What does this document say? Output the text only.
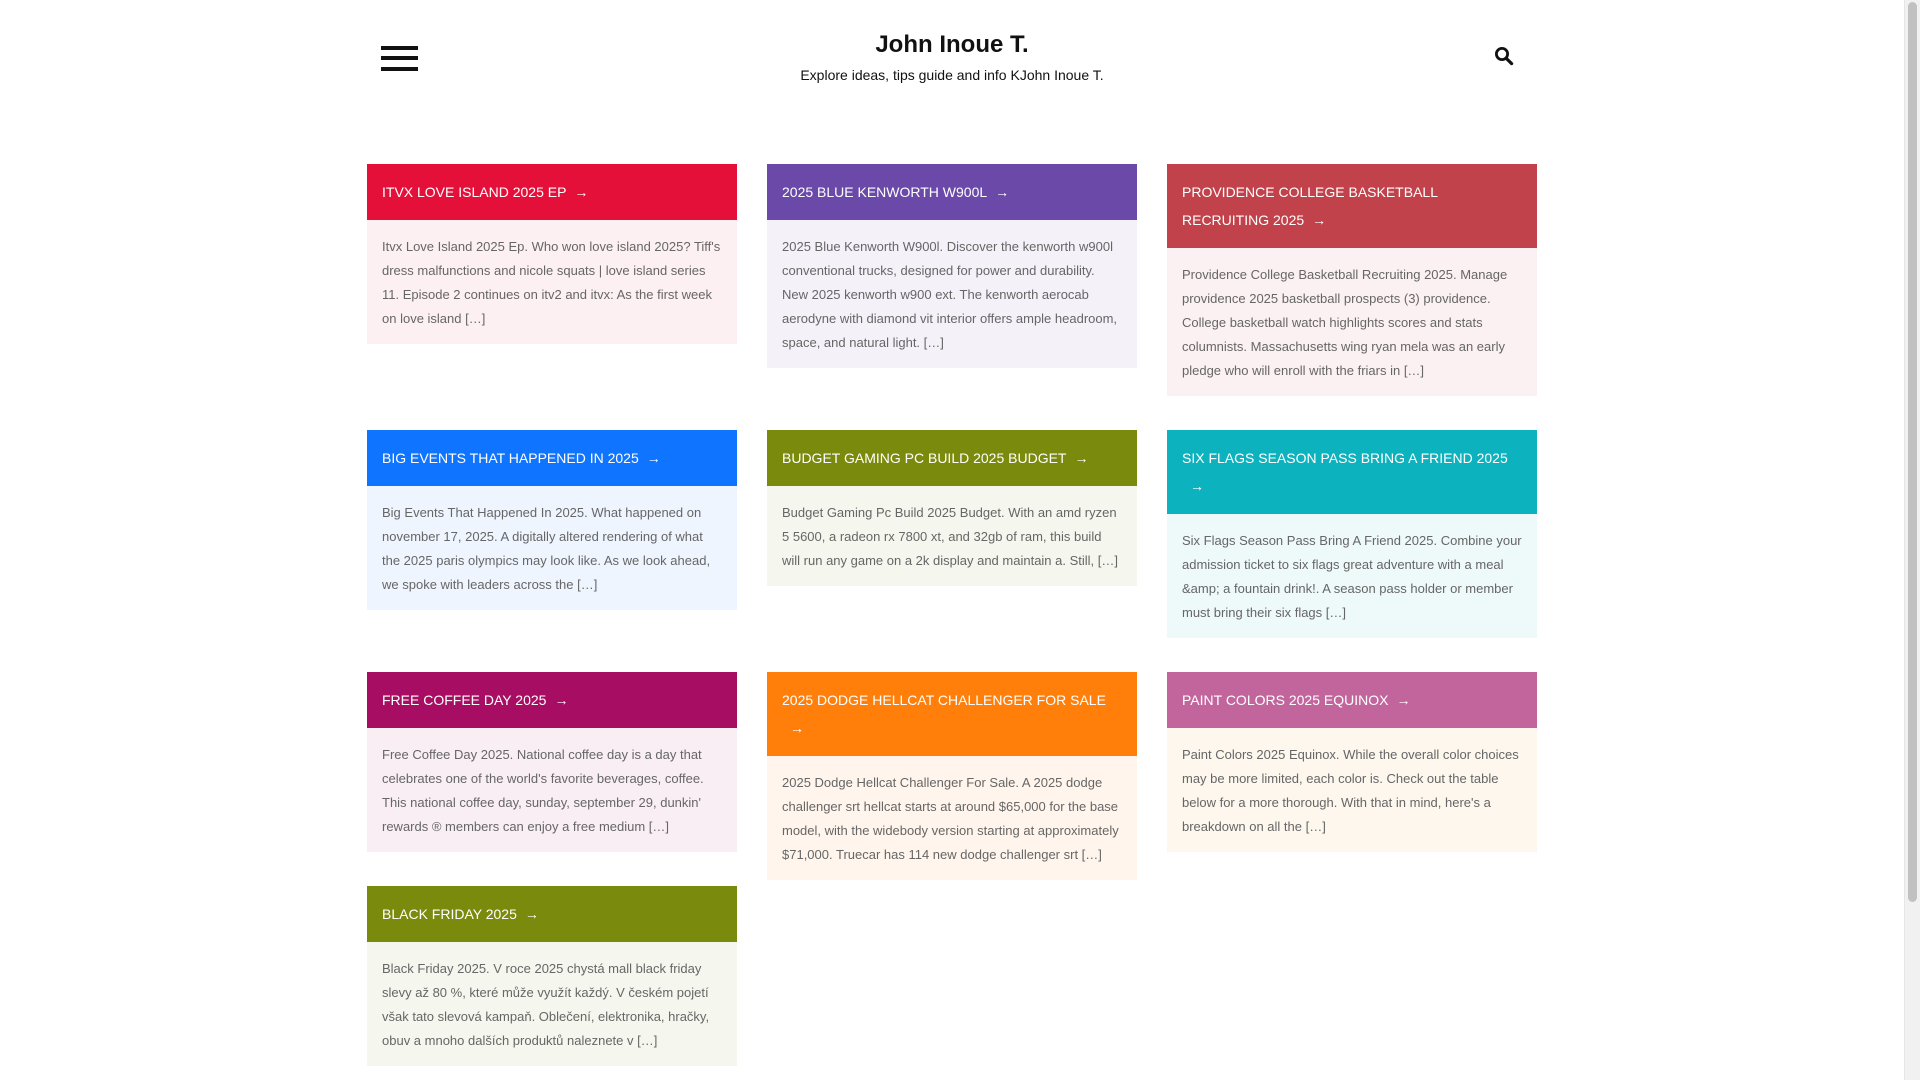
John Inoue T.

Explore ideas, tips guide and info KJohn Inoue T.

ITVX LOVE ISLAND 2025 EP →
Itvx Love Island 2025 Ep. Who won love island 2025? Tiff's dress malfunctions and nicole squats | love island series 11. Episode 2 continues on itv2 and itvx: As the first week on love island […]
BIG EVENTS THAT HAPPENED IN 2025 →
Big Events That Happened In 2025. What happened on november 17, 2025. A digitally altered rendering of what the 2025 paris olympics may look like. As we look ahead, we spoke with leaders across the […]
FREE COFFEE DAY 2025 →
Free Coffee Day 2025. National coffee day is a day that celebrates one of the world's favorite beverages, coffee. This national coffee day, sunday, september 29, dunkin' rewards ® members can enjoy a free medium […]
BLACK FRIDAY 2025 →
Black Friday 2025. V roce 2025 chystá mall black friday slevy až 80 %, které může využít každý. V českém pojetí však tato slevová kampaň. Oblečení, elektronika, hračky, obuv a mnoho dalších produktů naleznete v […]
2025 BLUE KENWORTH W900L →
2025 Blue Kenworth W900l. Discover the kenworth w900l conventional trucks, designed for power and durability. New 2025 kenworth w900 ext. The kenworth aerocab aerodyne with diamond vit interior offers ample headroom, space, and natural light. […]
BUDGET GAMING PC BUILD 2025 BUDGET →
Budget Gaming Pc Build 2025 Budget. With an amd ryzen 5 5600, a radeon rx 7800 xt, and 32gb of ram, this build will run any game on a 2k display and maintain a. Still, […]
2025 DODGE HELLCAT CHALLENGER FOR SALE→
2025 Dodge Hellcat Challenger For Sale. A 2025 dodge challenger srt hellcat starts at around $65,000 for the base model, with the widebody version starting at approximately $71,000. Truecar has 114 new dodge challenger srt […]
PROVIDENCE COLLEGE BASKETBALL RECRUITING 2025 →
Providence College Basketball Recruiting 2025. Manage providence 2025 basketball prospects (3) providence. College basketball watch highlights scores and stats columnists. Massachusetts wing ryan mela was an early pledge who will enroll with the friars in […]
SIX FLAGS SEASON PASS BRING A FRIEND 2025→
Six Flags Season Pass Bring A Friend 2025. Combine your admission ticket to six flags great adventure with a meal &amp; a fountain drink!. A season pass holder or member must bring their six flags […]
PAINT COLORS 2025 EQUINOX →
Paint Colors 2025 Equinox. While the overall color choices may be more limited, each color is. Check out the table below for a more thorough. With that in mind, here's a breakdown on all the […]
